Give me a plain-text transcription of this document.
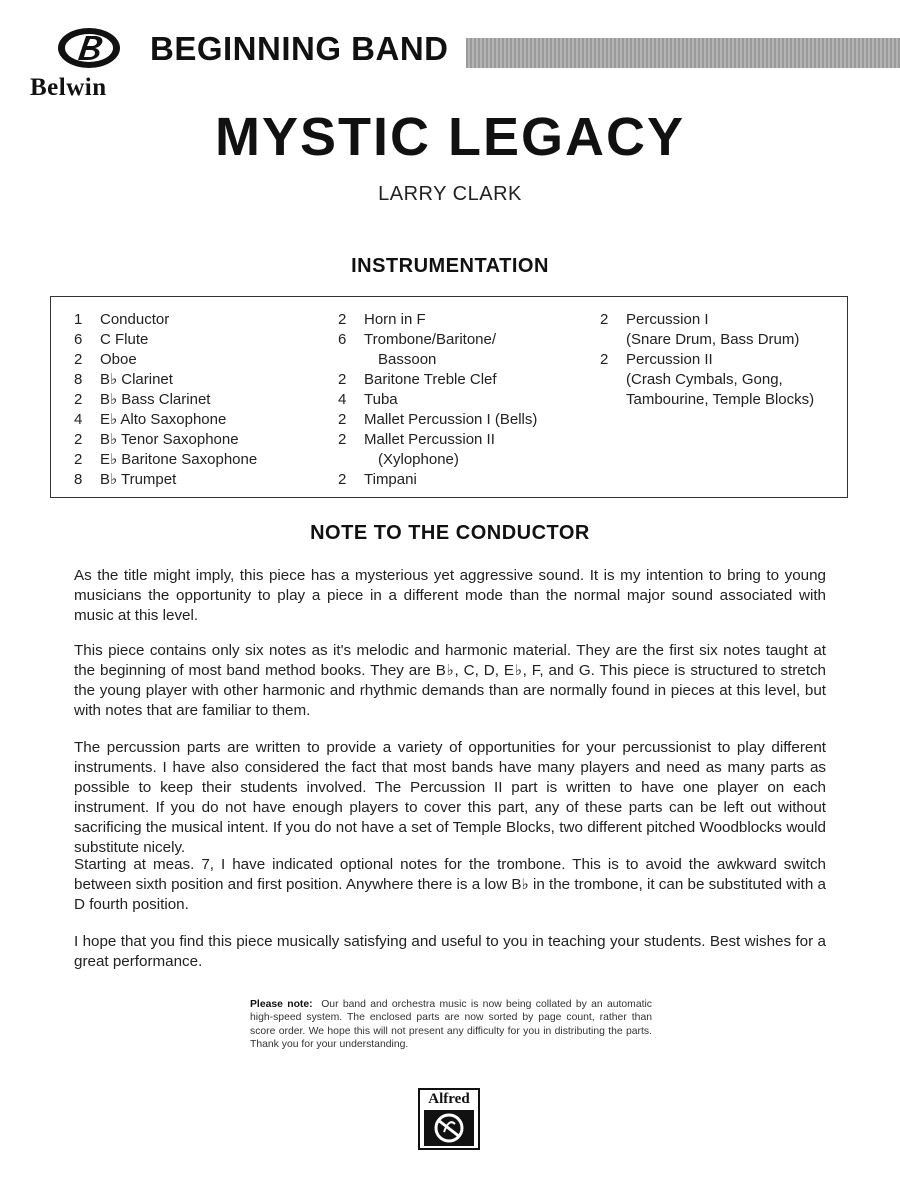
Belwin
BEGINNING BAND
MYSTIC LEGACY
LARRY CLARK
INSTRUMENTATION
1	Conductor
6	C Flute
2	Oboe
8	B♭ Clarinet
2	B♭ Bass Clarinet
4	E♭ Alto Saxophone
2	B♭ Tenor Saxophone
2	E♭ Baritone Saxophone
8	B♭ Trumpet
2	Horn in F
6	Trombone/Baritone/
Bassoon
2	Baritone Treble Clef
4	Tuba
2	Mallet Percussion I (Bells)
2	Mallet Percussion II
(Xylophone)
2	Timpani
2	Percussion I
(Snare Drum, Bass Drum)
2	Percussion II
(Crash Cymbals, Gong,
Tambourine, Temple Blocks)
NOTE TO THE CONDUCTOR

As the title might imply, this piece has a mysterious yet aggressive sound. It is my intention to bring to young musicians the opportunity to play a piece in a different mode than the normal major sound associated with music at this level.

This piece contains only six notes as it's melodic and harmonic material. They are the first six notes taught at the beginning of most band method books. They are B♭, C, D, E♭, F, and G. This piece is structured to stretch the young player with other harmonic and rhythmic demands than are normally found in pieces at this level, but with notes that are familiar to them.

The percussion parts are written to provide a variety of opportunities for your percussionist to play different instruments. I have also considered the fact that most bands have many players and need as many parts as possible to keep their students involved. The Percussion II part is written to have one player on each instrument. If you do not have enough players to cover this part, any of these parts can be left out without sacrificing the musical intent. If you do not have a set of Temple Blocks, two different pitched Woodblocks would substitute nicely.

Starting at meas. 7, I have indicated optional notes for the trombone. This is to avoid the awkward switch between sixth position and first position. Anywhere there is a low B♭ in the trombone, it can be substituted with a D fourth position.

I hope that you find this piece musically satisfying and useful to you in teaching your students. Best wishes for a great performance.

Please note: Our band and orchestra music is now being collated by an automatic high-speed system. The enclosed parts are now sorted by page count, rather than score order. We hope this will not present any difficulty for you in distributing the parts. Thank you for your understanding.
Alfred
